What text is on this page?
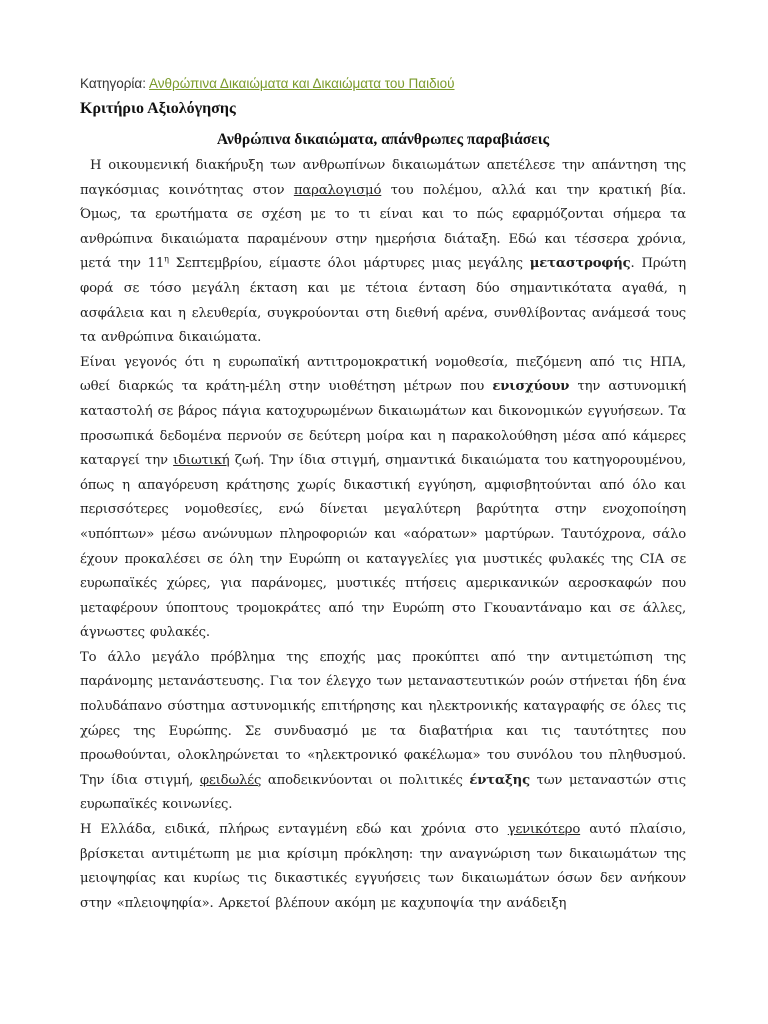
Κατηγορία: Ανθρώπινα Δικαιώματα και Δικαιώματα του Παιδιού
Κριτήριο Αξιολόγησης
Ανθρώπινα δικαιώματα, απάνθρωπες παραβιάσεις

Η οικουμενική διακήρυξη των ανθρωπίνων δικαιωμάτων απετέλεσε την απάντηση της παγκόσμιας κοινότητας στον παραλογισμό του πολέμου, αλλά και την κρατική βία. Όμως, τα ερωτήματα σε σχέση με το τι είναι και το πώς εφαρμόζονται σήμερα τα ανθρώπινα δικαιώματα παραμένουν στην ημερήσια διάταξη. Εδώ και τέσσερα χρόνια, μετά την $11^\eta$ Σεπτεμβρίου, είμαστε όλοι μάρτυρες μιας μεγάλης μεταστροφής. Πρώτη φορά σε τόσο μεγάλη έκταση και με τέτοια ένταση δύο σημαντικότατα αγαθά, η ασφάλεια και η ελευθερία, συγκρούονται στη διεθνή αρένα, συνθλίβοντας ανάμεσά τους τα ανθρώπινα δικαιώματα.

Είναι γεγονός ότι η ευρωπαϊκή αντιτρομοκρατική νομοθεσία, πιεζόμενη από τις ΗΠΑ, ωθεί διαρκώς τα κράτη-μέλη στην υιοθέτηση μέτρων που ενισχύουν την αστυνομική καταστολή σε βάρος πάγια κατοχυρωμένων δικαιωμάτων και δικονομικών εγγυήσεων. Τα προσωπικά δεδομένα περνούν σε δεύτερη μοίρα και η παρακολούθηση μέσα από κάμερες καταργεί την ιδιωτική ζωή. Την ίδια στιγμή, σημαντικά δικαιώματα του κατηγορουμένου, όπως η απαγόρευση κράτησης χωρίς δικαστική εγγύηση, αμφισβητούνται από όλο και περισσότερες νομοθεσίες, ενώ δίνεται μεγαλύτερη βαρύτητα στην ενοχοποίηση «υπόπτων» μέσω ανώνυμων πληροφοριών και «αόρατων» μαρτύρων. Ταυτόχρονα, σάλο έχουν προκαλέσει σε όλη την Ευρώπη οι καταγγελίες για μυστικές φυλακές της CIA σε ευρωπαϊκές χώρες, για παράνομες, μυστικές πτήσεις αμερικανικών αεροσκαφών που μεταφέρουν ύποπτους τρομοκράτες από την Ευρώπη στο Γκουαντάναμο και σε άλλες, άγνωστες φυλακές.

Το άλλο μεγάλο πρόβλημα της εποχής μας προκύπτει από την αντιμετώπιση της παράνομης μετανάστευσης. Για τον έλεγχο των μεταναστευτικών ροών στήνεται ήδη ένα πολυδάπανο σύστημα αστυνομικής επιτήρησης και ηλεκτρονικής καταγραφής σε όλες τις χώρες της Ευρώπης. Σε συνδυασμό με τα διαβατήρια και τις ταυτότητες που προωθούνται, ολοκληρώνεται το «ηλεκτρονικό φακέλωμα» του συνόλου του πληθυσμού. Την ίδια στιγμή, φειδωλές αποδεικνύονται οι πολιτικές ένταξης των μεταναστών στις ευρωπαϊκές κοινωνίες.

Η Ελλάδα, ειδικά, πλήρως ενταγμένη εδώ και χρόνια στο γενικότερο αυτό πλαίσιο, βρίσκεται αντιμέτωπη με μια κρίσιμη πρόκληση: την αναγνώριση των δικαιωμάτων της μειοψηφίας και κυρίως τις δικαστικές εγγυήσεις των δικαιωμάτων όσων δεν ανήκουν στην «πλειοψηφία». Αρκετοί βλέπουν ακόμη με καχυποψία την ανάδειξη
